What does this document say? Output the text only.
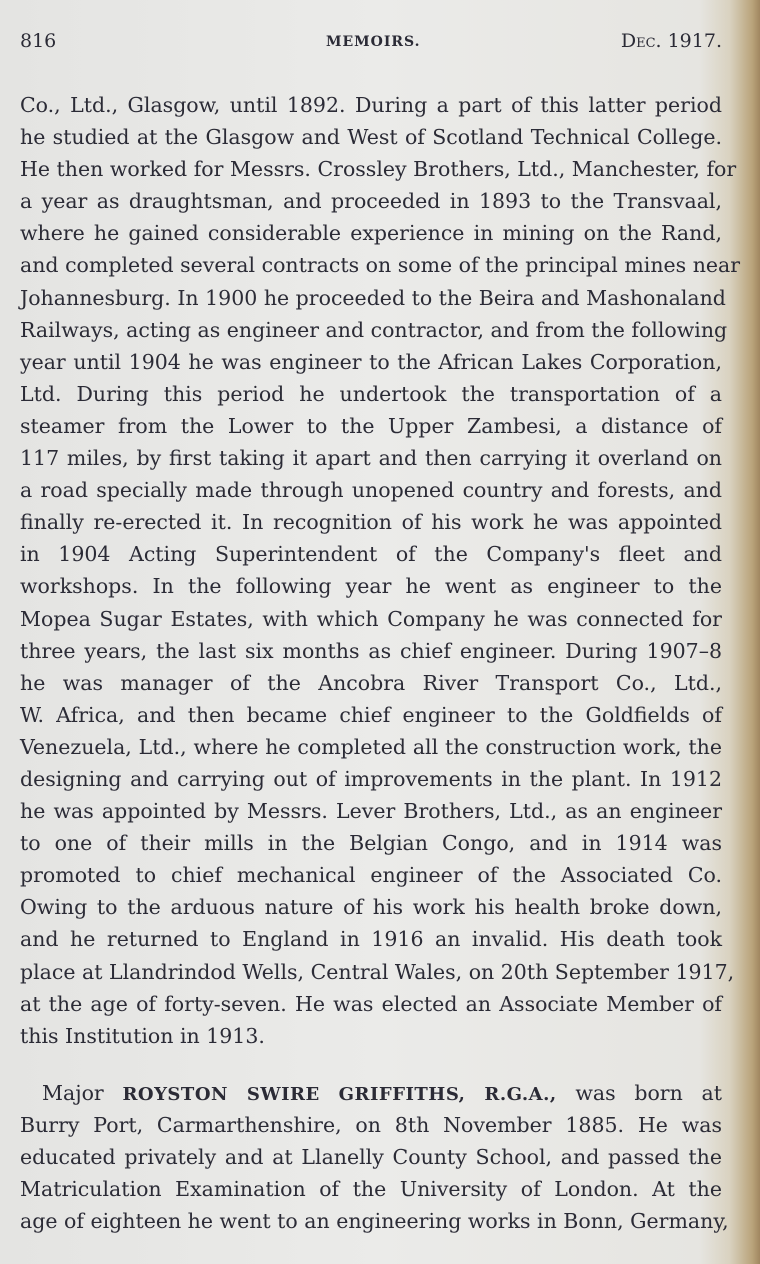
816	MEMOIRS.	Dec. 1917.
Co., Ltd., Glasgow, until 1892. During a part of this latter period
he studied at the Glasgow and West of Scotland Technical College.
He then worked for Messrs. Crossley Brothers, Ltd., Manchester, for
a year as draughtsman, and proceeded in 1893 to the Transvaal,
where he gained considerable experience in mining on the Rand,
and completed several contracts on some of the principal mines near
Johannesburg. In 1900 he proceeded to the Beira and Mashonaland
Railways, acting as engineer and contractor, and from the following
year until 1904 he was engineer to the African Lakes Corporation,
Ltd. During this period he undertook the transportation of a
steamer from the Lower to the Upper Zambesi, a distance of
117 miles, by first taking it apart and then carrying it overland on
a road specially made through unopened country and forests, and
finally re-erected it. In recognition of his work he was appointed
in 1904 Acting Superintendent of the Company's fleet and
workshops. In the following year he went as engineer to the
Mopea Sugar Estates, with which Company he was connected for
three years, the last six months as chief engineer. During 1907–8
he was manager of the Ancobra River Transport Co., Ltd.,
W. Africa, and then became chief engineer to the Goldfields of
Venezuela, Ltd., where he completed all the construction work, the
designing and carrying out of improvements in the plant. In 1912
he was appointed by Messrs. Lever Brothers, Ltd., as an engineer
to one of their mills in the Belgian Congo, and in 1914 was
promoted to chief mechanical engineer of the Associated Co.
Owing to the arduous nature of his work his health broke down,
and he returned to England in 1916 an invalid. His death took
place at Llandrindod Wells, Central Wales, on 20th September 1917,
at the age of forty-seven. He was elected an Associate Member of
this Institution in 1913.
Major ROYSTON SWIRE GRIFFITHS, R.G.A., was born at
Burry Port, Carmarthenshire, on 8th November 1885. He was
educated privately and at Llanelly County School, and passed the
Matriculation Examination of the University of London. At the
age of eighteen he went to an engineering works in Bonn, Germany,
